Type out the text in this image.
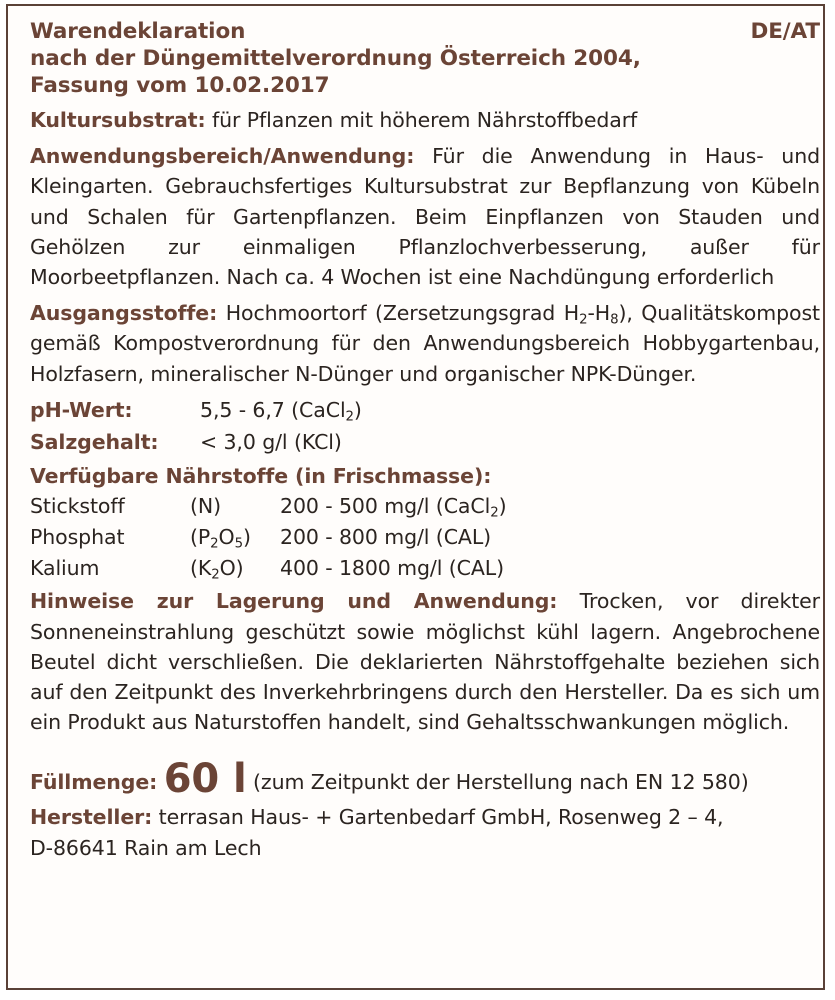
Warendeklaration	DE/AT
nach der Düngemittelverordnung Österreich 2004,
Fassung vom 10.02.2017

Kultursubstrat: für Pflanzen mit höherem Nährstoffbedarf

Anwendungsbereich/Anwendung: Für die Anwendung in Haus- und Kleingarten. Gebrauchsfertiges Kultursubstrat zur Bepflanzung von Kübeln und Schalen für Gartenpflanzen. Beim Einpflanzen von Stauden und Gehölzen zur einmaligen Pflanzlochverbesserung, außer für Moorbeetpflanzen. Nach ca. 4 Wochen ist eine Nachdüngung erforderlich

Ausgangsstoffe: Hochmoortorf (Zersetzungsgrad $H_2-H_8$), Qualitätskompost gemäß Kompostverordnung für den Anwendungsbereich Hobbygartenbau, Holzfasern, mineralischer N-Dünger und organischer NPK-Dünger.

pH-Wert:	5,5 - 6,7 (CaCl$_2$)
Salzgehalt:	< 3,0 g/l (KCl)
Verfügbare Nährstoffe (in Frischmasse):
Stickstoff	(N)	200 - 500 mg/l (CaCl$_2$)
Phosphat	$(P_2O_5)$	200 - 800 mg/l (CAL)
Kalium	$(K_2O)$	400 - 1800 mg/l (CAL)

Hinweise zur Lagerung und Anwendung: Trocken, vor direkter Sonneneinstrahlung geschützt sowie möglichst kühl lagern. Angebrochene Beutel dicht verschließen. Die deklarierten Nährstoffgehalte beziehen sich auf den Zeitpunkt des Inverkehrbringens durch den Hersteller. Da es sich um ein Produkt aus Naturstoffen handelt, sind Gehaltsschwankungen möglich.

Füllmenge: 60 l (zum Zeitpunkt der Herstellung nach EN 12 580)

Hersteller: terrasan Haus- + Gartenbedarf GmbH, Rosenweg 2 – 4,
D-86641 Rain am Lech
